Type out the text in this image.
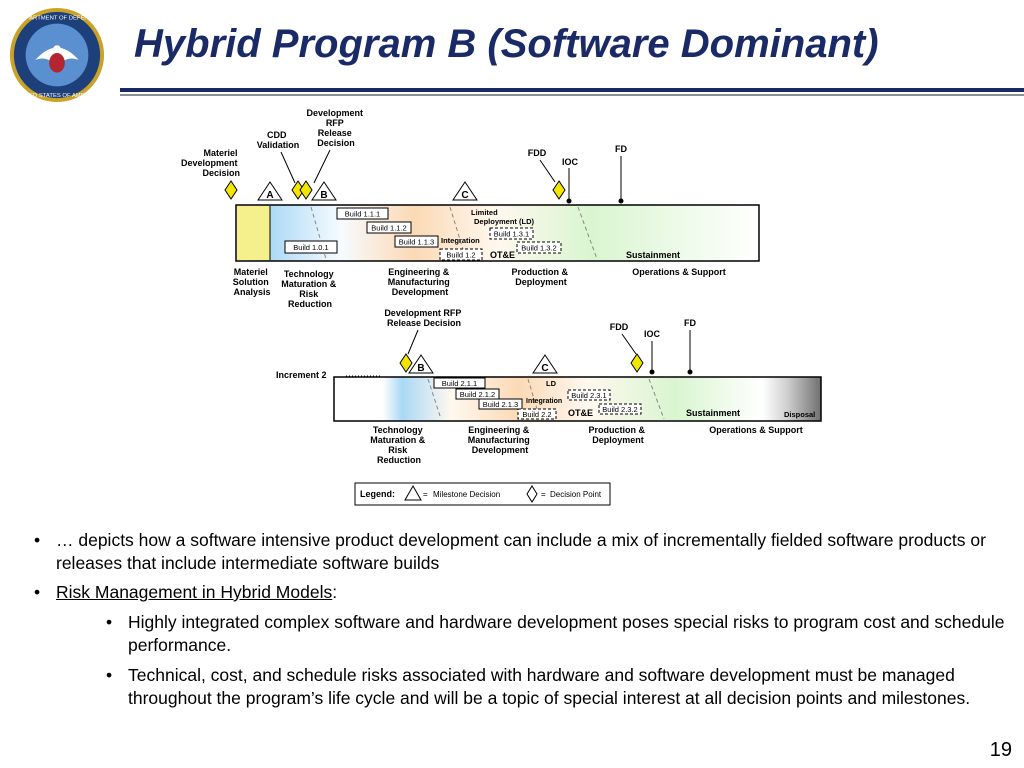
DEPARTMENT OF DEFENSE
UNITED STATES OF AMERICA
Hybrid Program B (Software Dominant)
Materiel Development Decision
CDD Validation
Development RFP Release Decision
FDD
IOC
FD
A	B	C
Build 1.1.1
Build 1.1.2
Build 1.0.1
Build 1.1.3
Build 1.2
Build 1.3.1
Build 1.3.2
Limited Deployment (LD)
Integration
OT&E	Sustainment
Materiel Solution Analysis
Technology Maturation & Risk Reduction
Engineering & Manufacturing Development
Production & Deployment
Operations & Support
Development RFP Release Decision	FDD
IOC
FD
Increment 2
B	C
Build 2.1.1
Build 2.1.2
Build 2.1.3
Build 2.2
Build 2.3.1
Build 2.3.2
LD
Integration
OT&E	Sustainment	Disposal
Technology Maturation & Risk Reduction
Engineering & Manufacturing Development
Production & Deployment
Operations & Support
Legend:	= Milestone Decision	= Decision Point
• … depicts how a software intensive product development can include a mix of incrementally fielded software products or releases that include intermediate software builds
• Risk Management in Hybrid Models:
• Highly integrated complex software and hardware development poses special risks to program cost and schedule performance.
• Technical, cost, and schedule risks associated with hardware and software development must be managed throughout the program’s life cycle and will be a topic of special interest at all decision points and milestones.
19
